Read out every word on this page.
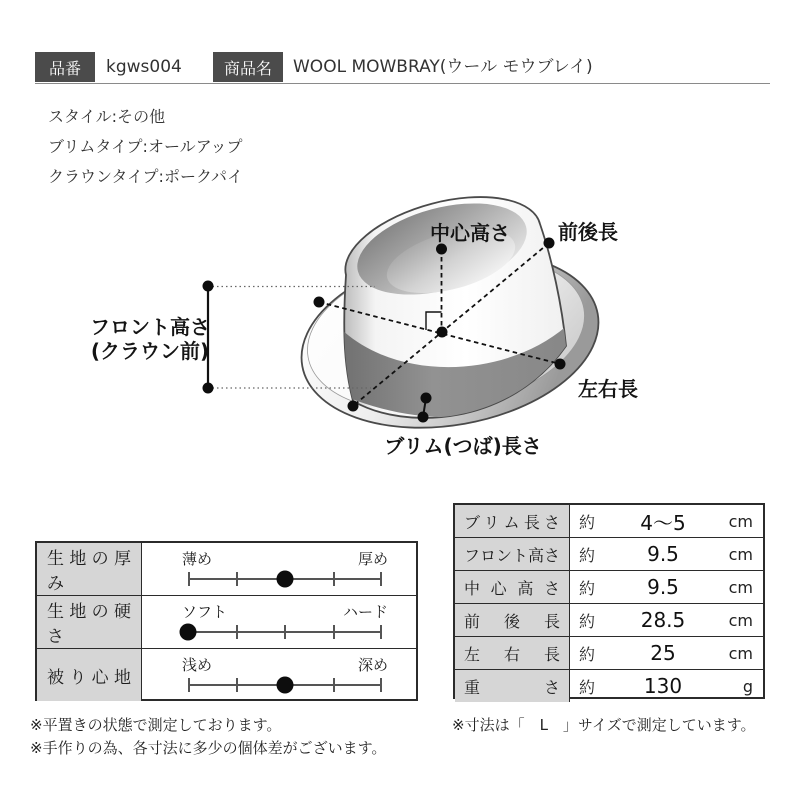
品番	kgws004	商品名	WOOL MOWBRAY(ウール モウブレイ)
スタイル:その他
ブリムタイプ:オールアップ
クラウンタイプ:ポークパイ
中心高さ 前後長
フロント高さ
(クラウン前)
左右長
ブリム(つば)長さ
生地の厚み
薄め	厚め
生地の硬さ
ソフト	ハード
被り心地
浅め	深め
ブリム長さ	約	4〜5	cm
フロント高さ	約	9.5	cm
中心高さ	約	9.5	cm
前後長	約	28.5	cm
左右長	約	25	cm
重さ	約	130	g
※平置きの状態で測定しております。
※手作りの為、各寸法に多少の個体差がございます。
※寸法は「　L　」サイズで測定しています。
